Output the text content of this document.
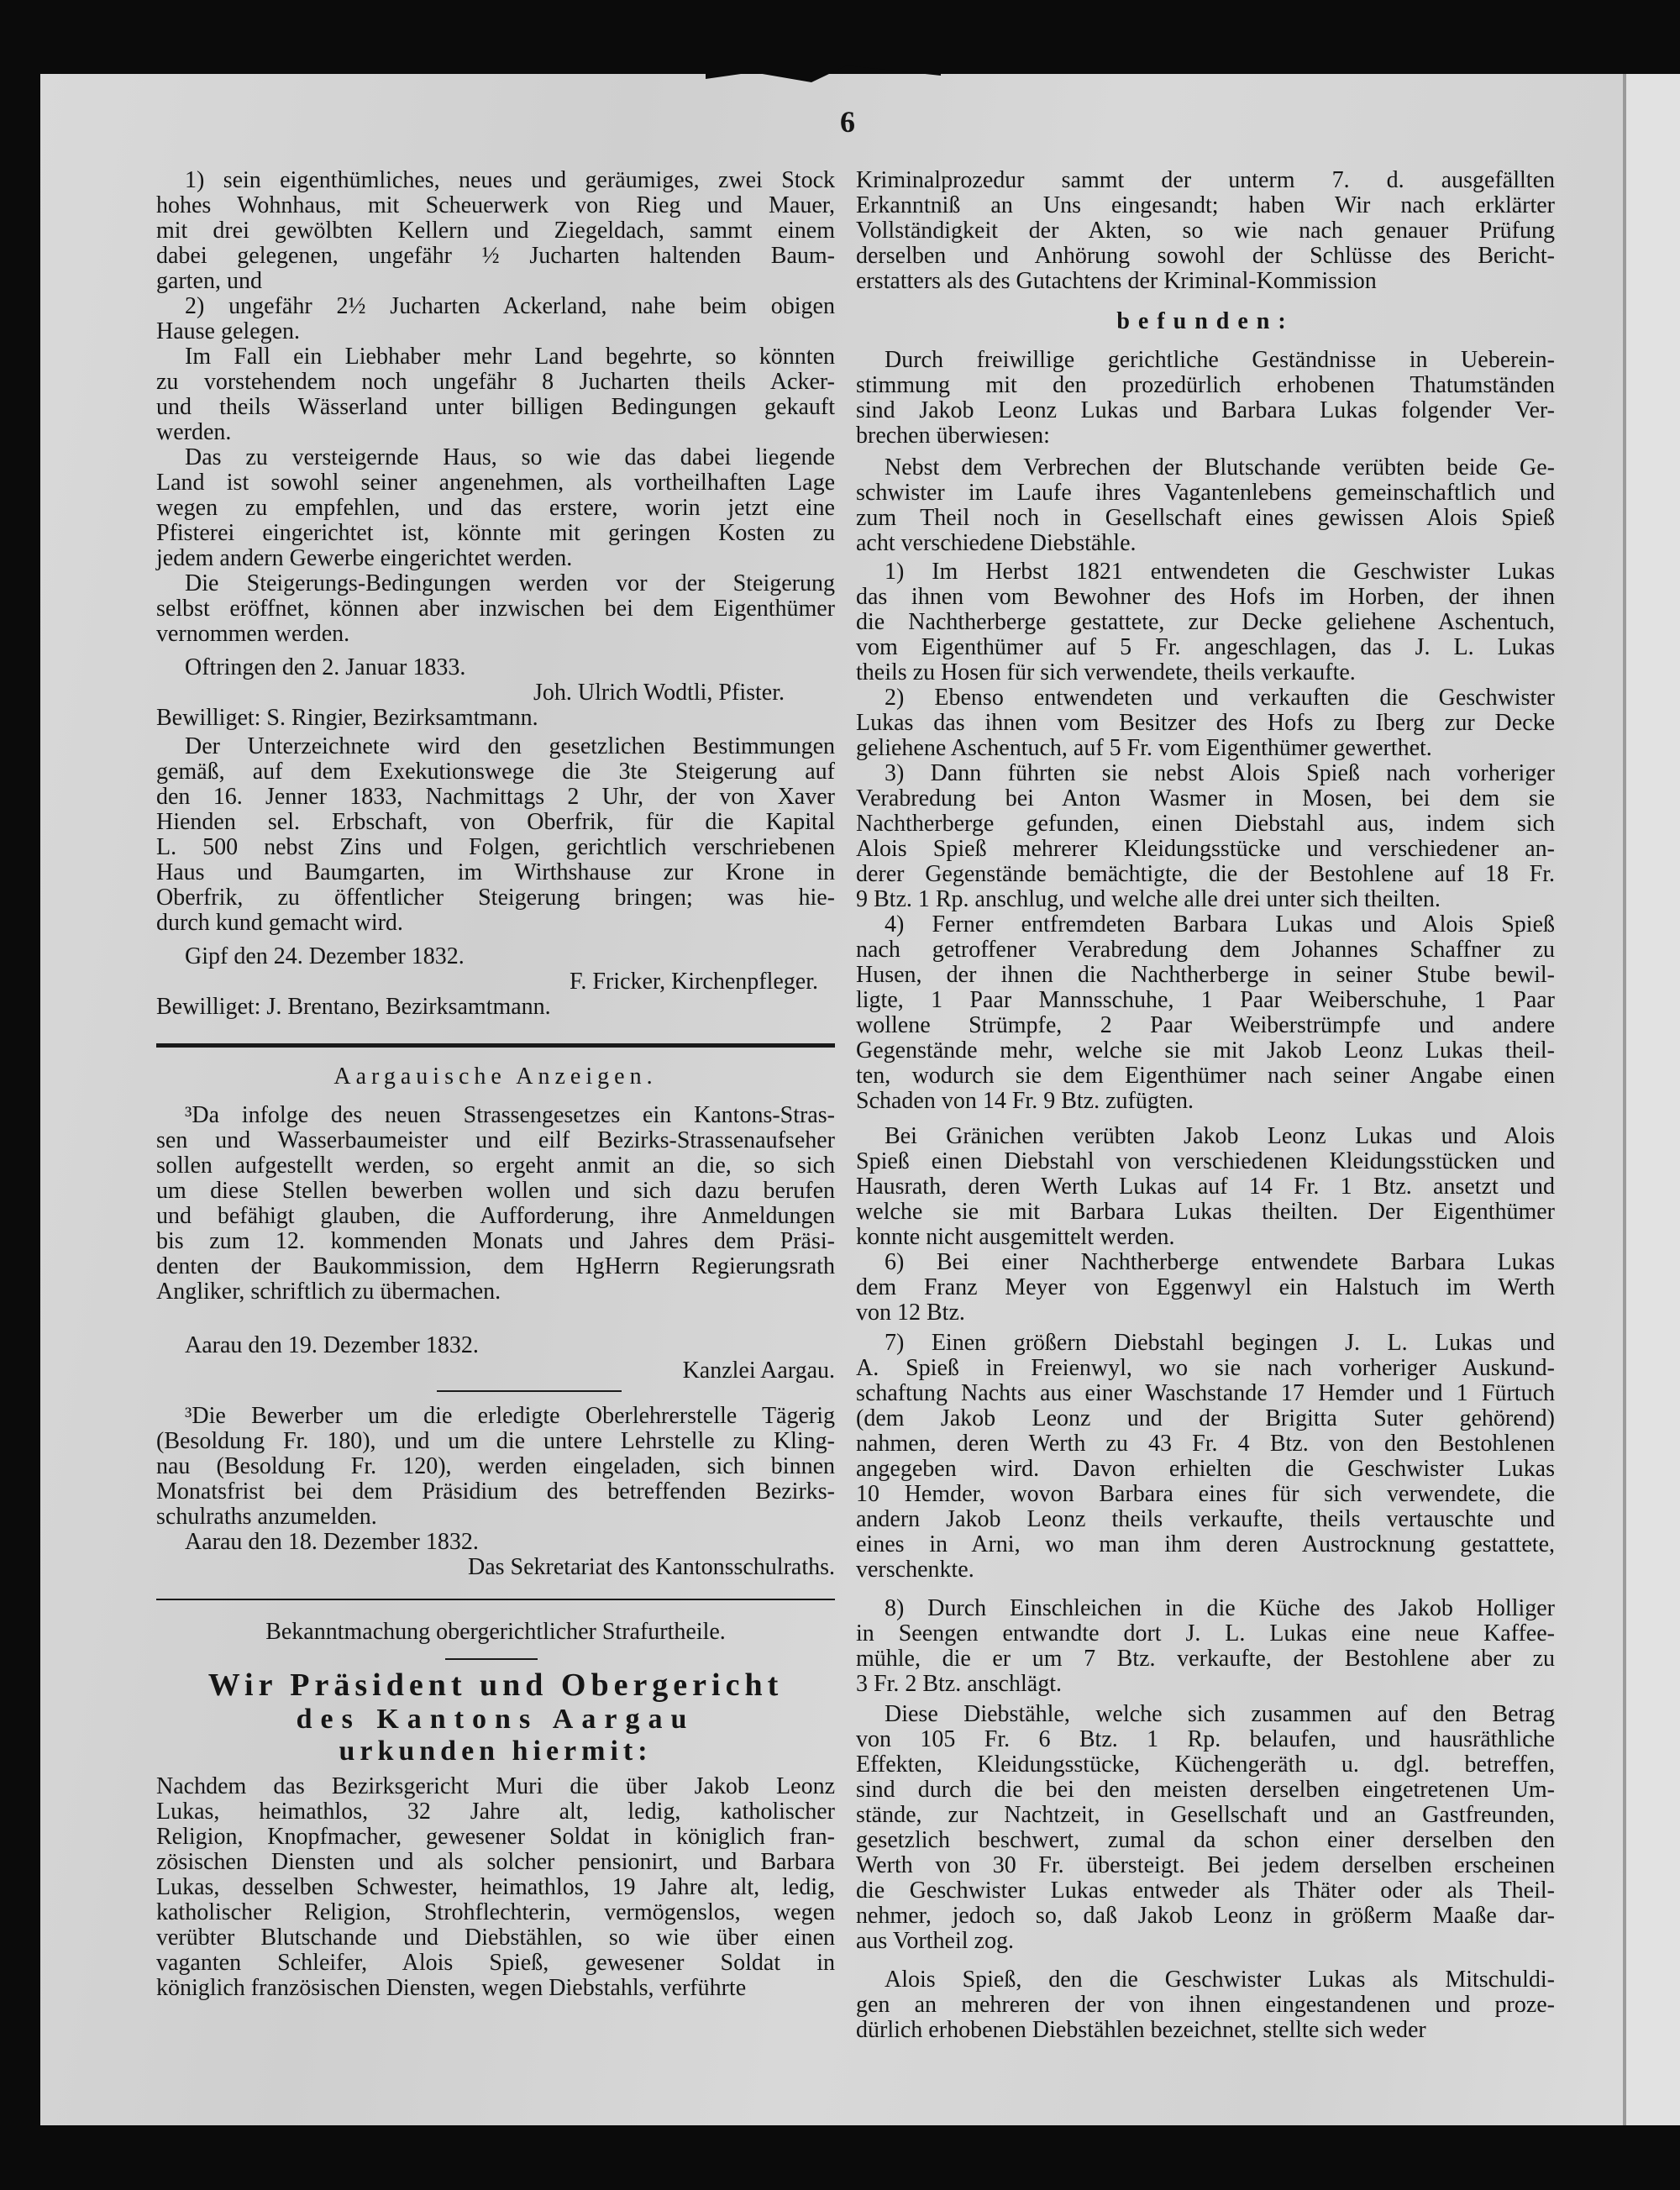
6
1) sein eigenthümliches, neues und geräumiges, zwei Stock
hohes Wohnhaus, mit Scheuerwerk von Rieg und Mauer,
mit drei gewölbten Kellern und Ziegeldach, sammt einem
dabei gelegenen, ungefähr ½ Jucharten haltenden Baum-
garten, und
2) ungefähr 2½ Jucharten Ackerland, nahe beim obigen
Hause gelegen.
Im Fall ein Liebhaber mehr Land begehrte, so könnten
zu vorstehendem noch ungefähr 8 Jucharten theils Acker-
und theils Wässerland unter billigen Bedingungen gekauft
werden.
Das zu versteigernde Haus, so wie das dabei liegende
Land ist sowohl seiner angenehmen, als vortheilhaften Lage
wegen zu empfehlen, und das erstere, worin jetzt eine
Pfisterei eingerichtet ist, könnte mit geringen Kosten zu
jedem andern Gewerbe eingerichtet werden.
Die Steigerungs-Bedingungen werden vor der Steigerung
selbst eröffnet, können aber inzwischen bei dem Eigenthümer
vernommen werden.
Oftringen den 2. Januar 1833.
Joh. Ulrich Wodtli, Pfister.
Bewilliget: S. Ringier, Bezirksamtmann.
Der Unterzeichnete wird den gesetzlichen Bestimmungen
gemäß, auf dem Exekutionswege die 3te Steigerung auf
den 16. Jenner 1833, Nachmittags 2 Uhr, der von Xaver
Hienden sel. Erbschaft, von Oberfrik, für die Kapital
L. 500 nebst Zins und Folgen, gerichtlich verschriebenen
Haus und Baumgarten, im Wirthshause zur Krone in
Oberfrik, zu öffentlicher Steigerung bringen; was hie-
durch kund gemacht wird.
Gipf den 24. Dezember 1832.
F. Fricker, Kirchenpfleger.
Bewilliget: J. Brentano, Bezirksamtmann.
Aargauische Anzeigen.
³Da infolge des neuen Strassengesetzes ein Kantons-Stras-
sen und Wasserbaumeister und eilf Bezirks-Strassenaufseher
sollen aufgestellt werden, so ergeht anmit an die, so sich
um diese Stellen bewerben wollen und sich dazu berufen
und befähigt glauben, die Aufforderung, ihre Anmeldungen
bis zum 12. kommenden Monats und Jahres dem Präsi-
denten der Baukommission, dem HgHerrn Regierungsrath
Angliker, schriftlich zu übermachen.
Aarau den 19. Dezember 1832.
Kanzlei Aargau.
³Die Bewerber um die erledigte Oberlehrerstelle Tägerig
(Besoldung Fr. 180), und um die untere Lehrstelle zu Kling-
nau (Besoldung Fr. 120), werden eingeladen, sich binnen
Monatsfrist bei dem Präsidium des betreffenden Bezirks-
schulraths anzumelden.
Aarau den 18. Dezember 1832.
Das Sekretariat des Kantonsschulraths.
Bekanntmachung obergerichtlicher Strafurtheile.
Wir Präsident und Obergericht
des Kantons Aargau
urkunden hiermit:
Nachdem das Bezirksgericht Muri die über Jakob Leonz
Lukas, heimathlos, 32 Jahre alt, ledig, katholischer
Religion, Knopfmacher, gewesener Soldat in königlich fran-
zösischen Diensten und als solcher pensionirt, und Barbara
Lukas, desselben Schwester, heimathlos, 19 Jahre alt, ledig,
katholischer Religion, Strohflechterin, vermögenslos, wegen
verübter Blutschande und Diebstählen, so wie über einen
vaganten Schleifer, Alois Spieß, gewesener Soldat in
königlich französischen Diensten, wegen Diebstahls, verführte
Kriminalprozedur sammt der unterm 7. d. ausgefällten
Erkanntniß an Uns eingesandt; haben Wir nach erklärter
Vollständigkeit der Akten, so wie nach genauer Prüfung
derselben und Anhörung sowohl der Schlüsse des Bericht-
erstatters als des Gutachtens der Kriminal-Kommission
befunden:
Durch freiwillige gerichtliche Geständnisse in Ueberein-
stimmung mit den prozedürlich erhobenen Thatumständen
sind Jakob Leonz Lukas und Barbara Lukas folgender Ver-
brechen überwiesen:
Nebst dem Verbrechen der Blutschande verübten beide Ge-
schwister im Laufe ihres Vagantenlebens gemeinschaftlich und
zum Theil noch in Gesellschaft eines gewissen Alois Spieß
acht verschiedene Diebstähle.
1) Im Herbst 1821 entwendeten die Geschwister Lukas
das ihnen vom Bewohner des Hofs im Horben, der ihnen
die Nachtherberge gestattete, zur Decke geliehene Aschentuch,
vom Eigenthümer auf 5 Fr. angeschlagen, das J. L. Lukas
theils zu Hosen für sich verwendete, theils verkaufte.
2) Ebenso entwendeten und verkauften die Geschwister
Lukas das ihnen vom Besitzer des Hofs zu Iberg zur Decke
geliehene Aschentuch, auf 5 Fr. vom Eigenthümer gewerthet.
3) Dann führten sie nebst Alois Spieß nach vorheriger
Verabredung bei Anton Wasmer in Mosen, bei dem sie
Nachtherberge gefunden, einen Diebstahl aus, indem sich
Alois Spieß mehrerer Kleidungsstücke und verschiedener an-
derer Gegenstände bemächtigte, die der Bestohlene auf 18 Fr.
9 Btz. 1 Rp. anschlug, und welche alle drei unter sich theilten.
4) Ferner entfremdeten Barbara Lukas und Alois Spieß
nach getroffener Verabredung dem Johannes Schaffner zu
Husen, der ihnen die Nachtherberge in seiner Stube bewil-
ligte, 1 Paar Mannsschuhe, 1 Paar Weiberschuhe, 1 Paar
wollene Strümpfe, 2 Paar Weiberstrümpfe und andere
Gegenstände mehr, welche sie mit Jakob Leonz Lukas theil-
ten, wodurch sie dem Eigenthümer nach seiner Angabe einen
Schaden von 14 Fr. 9 Btz. zufügten.
Bei Gränichen verübten Jakob Leonz Lukas und Alois
Spieß einen Diebstahl von verschiedenen Kleidungsstücken und
Hausrath, deren Werth Lukas auf 14 Fr. 1 Btz. ansetzt und
welche sie mit Barbara Lukas theilten. Der Eigenthümer
konnte nicht ausgemittelt werden.
6) Bei einer Nachtherberge entwendete Barbara Lukas
dem Franz Meyer von Eggenwyl ein Halstuch im Werth
von 12 Btz.
7) Einen größern Diebstahl begingen J. L. Lukas und
A. Spieß in Freienwyl, wo sie nach vorheriger Auskund-
schaftung Nachts aus einer Waschstande 17 Hemder und 1 Fürtuch
(dem Jakob Leonz und der Brigitta Suter gehörend)
nahmen, deren Werth zu 43 Fr. 4 Btz. von den Bestohlenen
angegeben wird. Davon erhielten die Geschwister Lukas
10 Hemder, wovon Barbara eines für sich verwendete, die
andern Jakob Leonz theils verkaufte, theils vertauschte und
eines in Arni, wo man ihm deren Austrocknung gestattete,
verschenkte.
8) Durch Einschleichen in die Küche des Jakob Holliger
in Seengen entwandte dort J. L. Lukas eine neue Kaffee-
mühle, die er um 7 Btz. verkaufte, der Bestohlene aber zu
3 Fr. 2 Btz. anschlägt.
Diese Diebstähle, welche sich zusammen auf den Betrag
von 105 Fr. 6 Btz. 1 Rp. belaufen, und hausräthliche
Effekten, Kleidungsstücke, Küchengeräth u. dgl. betreffen,
sind durch die bei den meisten derselben eingetretenen Um-
stände, zur Nachtzeit, in Gesellschaft und an Gastfreunden,
gesetzlich beschwert, zumal da schon einer derselben den
Werth von 30 Fr. übersteigt. Bei jedem derselben erscheinen
die Geschwister Lukas entweder als Thäter oder als Theil-
nehmer, jedoch so, daß Jakob Leonz in größerm Maaße dar-
aus Vortheil zog.
Alois Spieß, den die Geschwister Lukas als Mitschuldi-
gen an mehreren der von ihnen eingestandenen und proze-
dürlich erhobenen Diebstählen bezeichnet, stellte sich weder
